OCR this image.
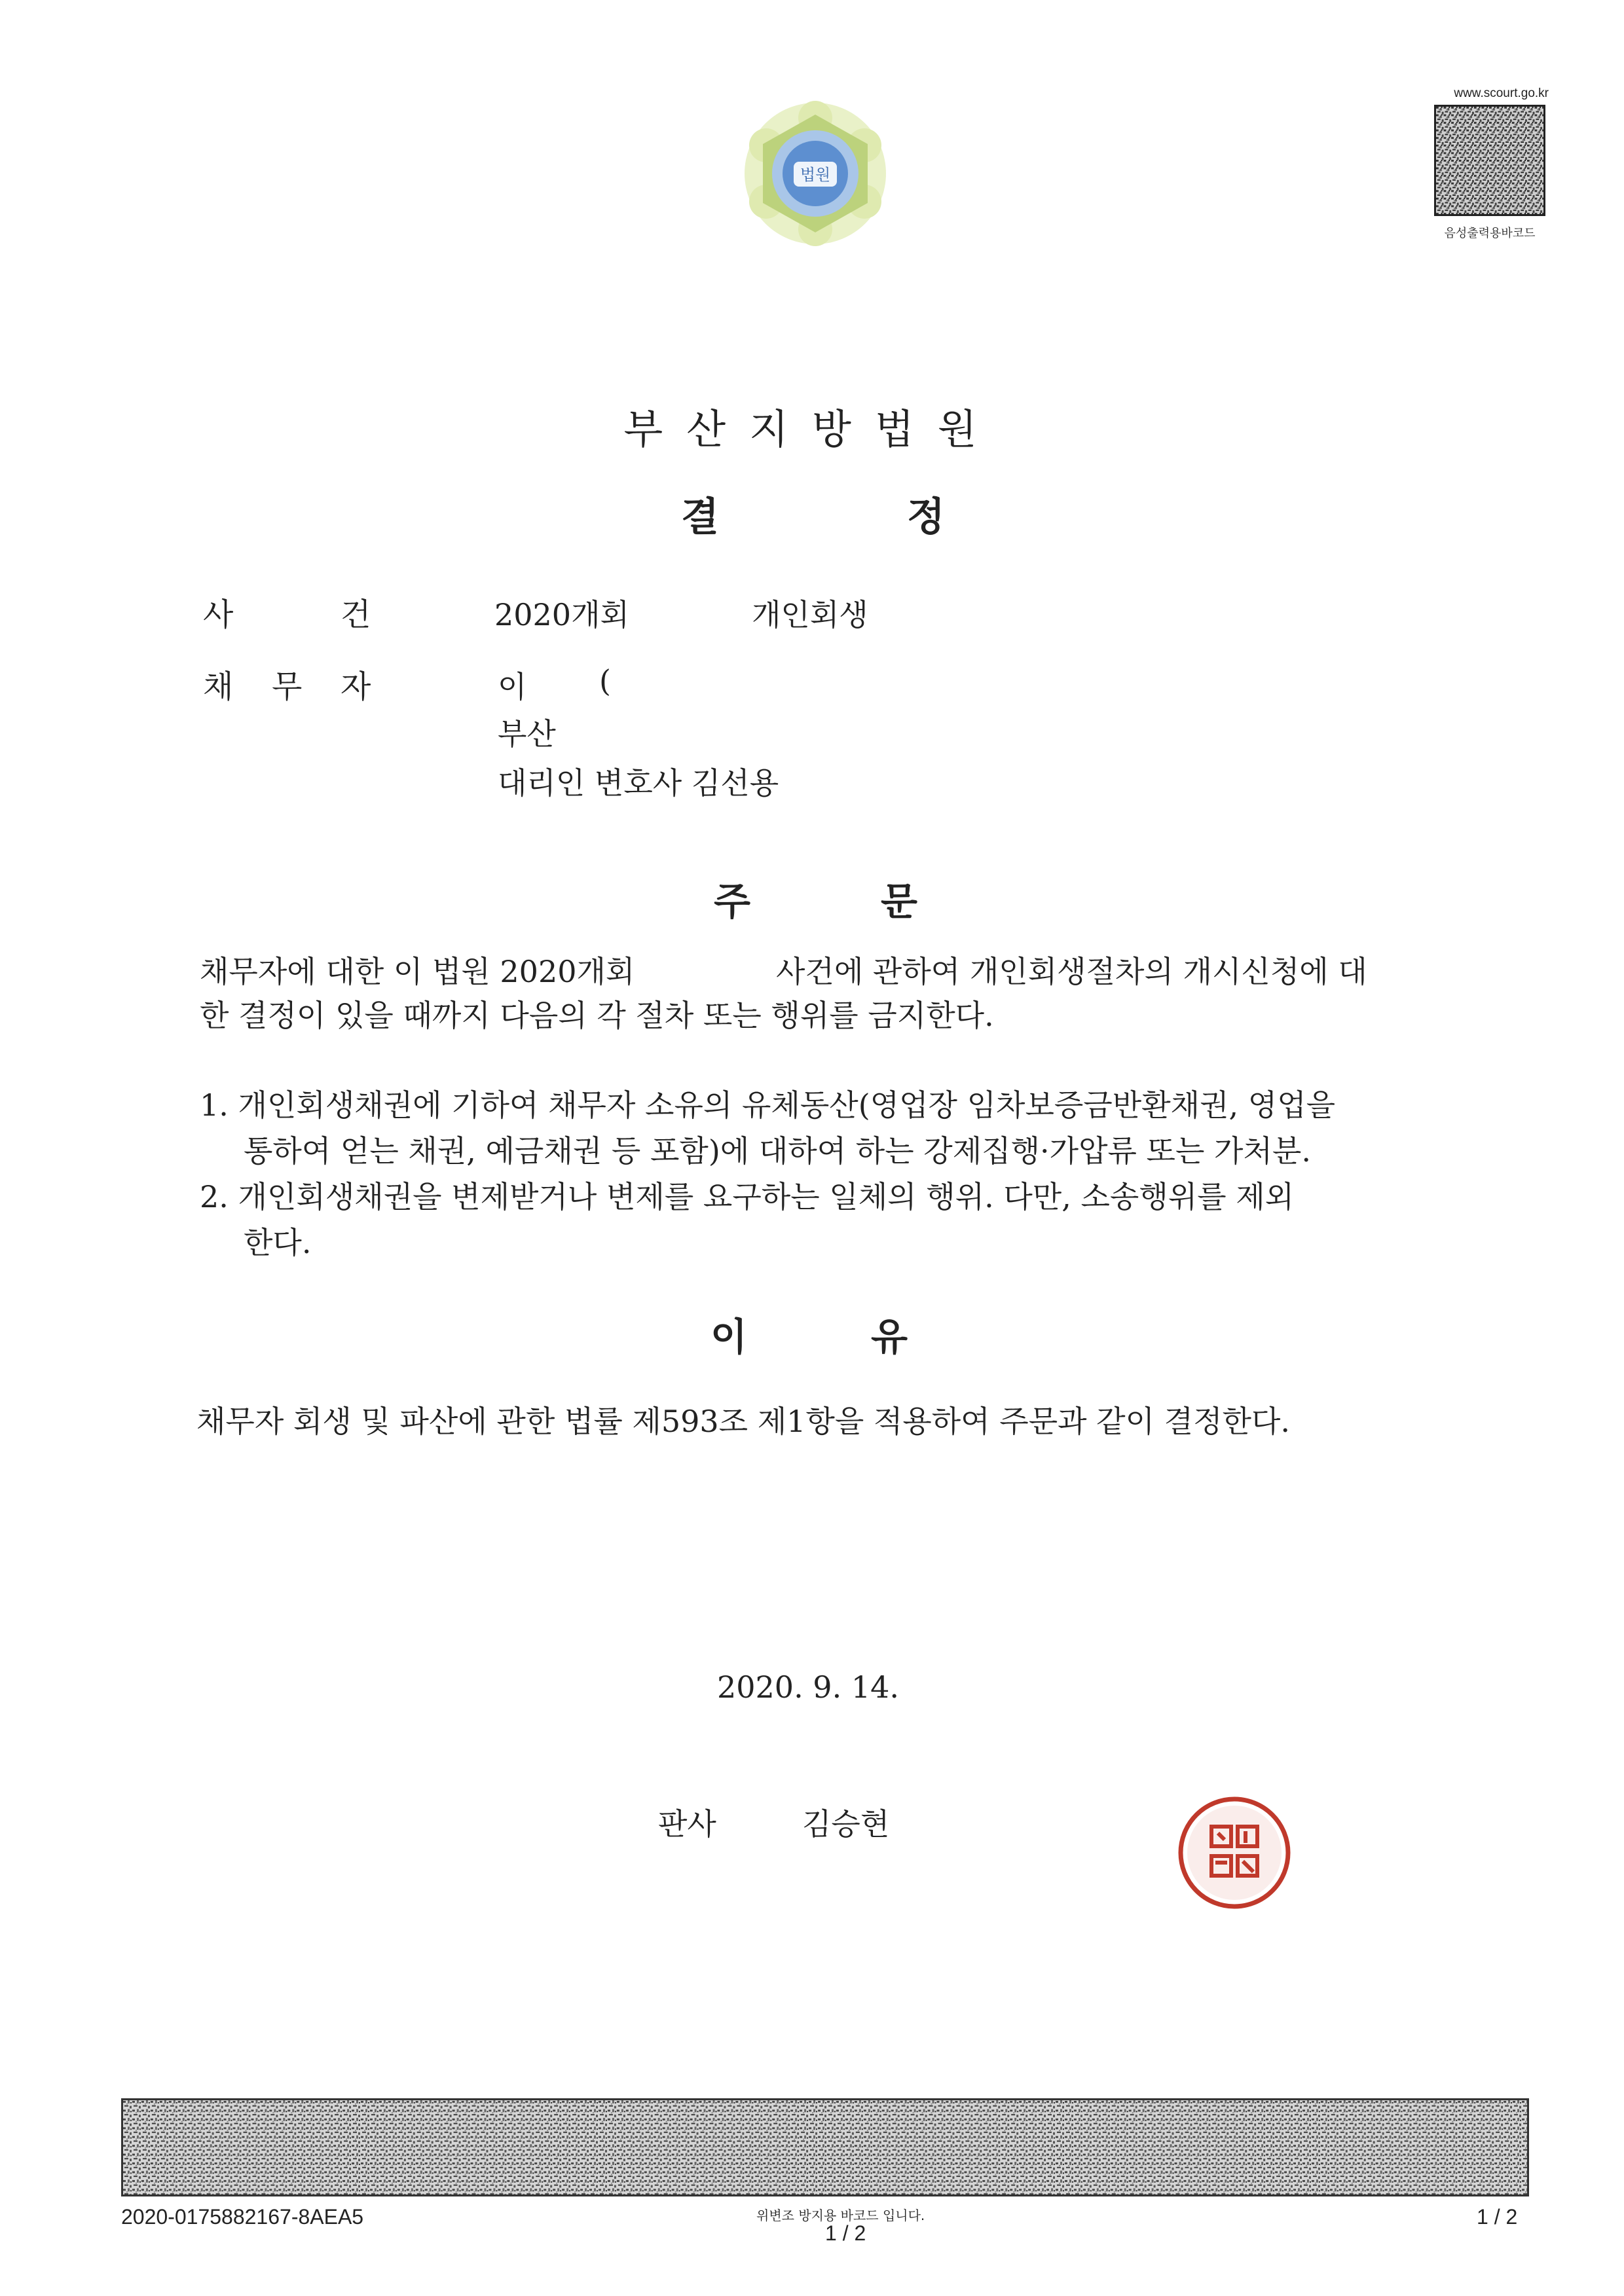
법원
www.scourt.go.kr
음성출력용바코드
부산지방법원
결	정
사	건	2020개회	개인회생
채 무 자	이 (
부산
대리인 변호사 김선용
주	문
채무자에 대한 이 법원 2020개회	사건에 관하여 개인회생절차의 개시신청에 대
한 결정이 있을 때까지 다음의 각 절차 또는 행위를 금지한다.
1. 개인회생채권에 기하여 채무자 소유의 유체동산(영업장 임차보증금반환채권, 영업을
통하여 얻는 채권, 예금채권 등 포함)에 대하여 하는 강제집행·가압류 또는 가처분.
2. 개인회생채권을 변제받거나 변제를 요구하는 일체의 행위. 다만, 소송행위를 제외
한다.
이	유
채무자 회생 및 파산에 관한 법률 제593조 제1항을 적용하여 주문과 같이 결정한다.
2020. 9. 14.
판사	김승현
2020-0175882167-8AEA5	위변조 방지용 바코드 입니다.
1 / 2
1 / 2
